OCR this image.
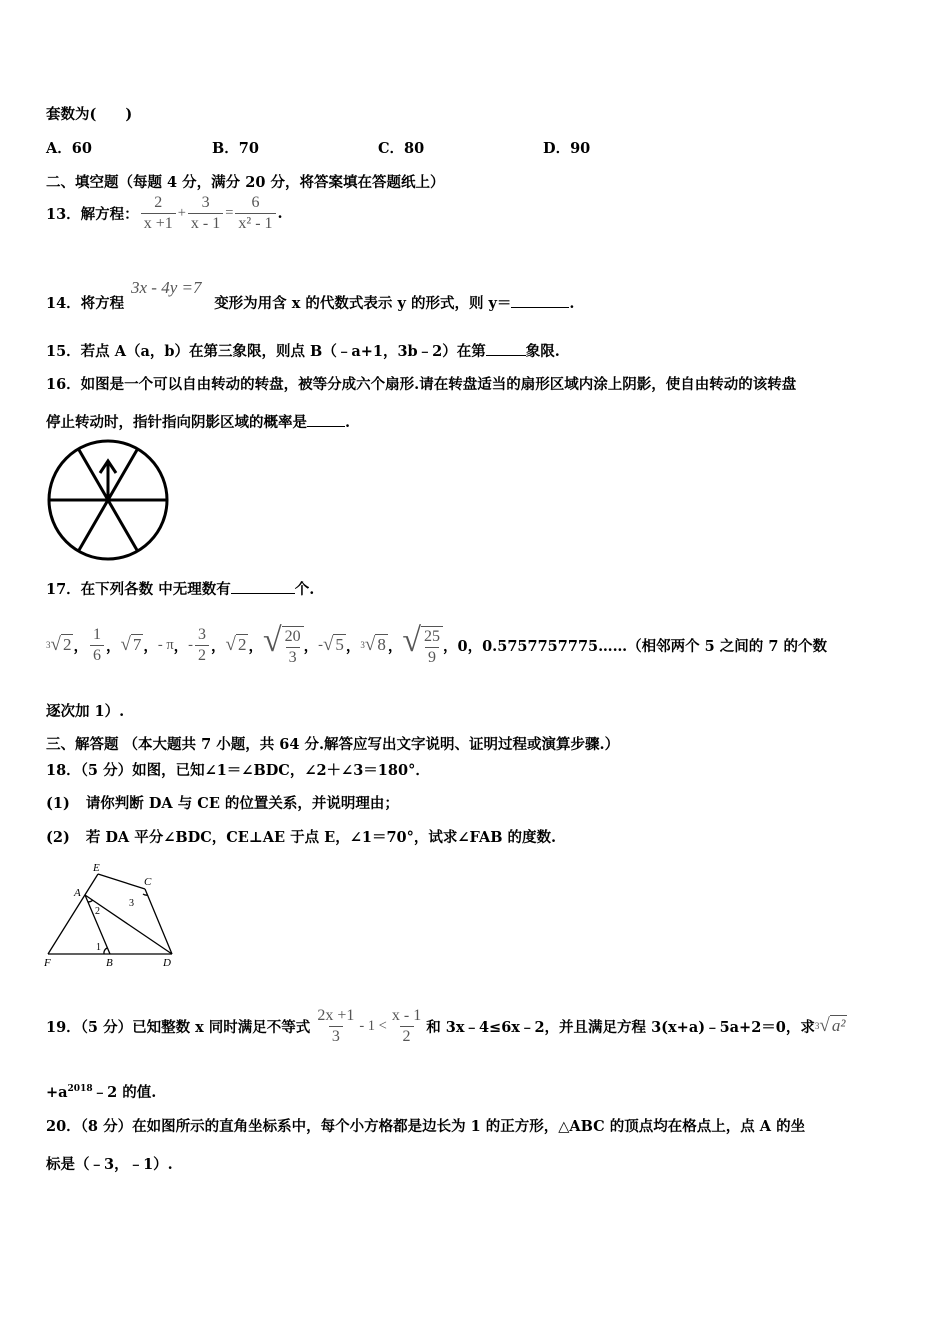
套数为(　　)
A．60	B．70	C．80	D．90
二、填空题（每题 4 分，满分 20 分，将答案填在答题纸上）
13．解方程： $\frac{2}{x +1} + \frac{3}{x - 1} = \frac{6}{\text{x² - 1}}$ .
3x - 4y =7
14．将方程	变形为用含 x 的代数式表示 y 的形式，则 y＝	.
15．若点 A（a，b）在第三象限，则点 B（﹣a+1，3b﹣2）在第	象限.
16．如图是一个可以自由转动的转盘，被等分成六个扇形.请在转盘适当的扇形区域内涂上阴影，使自由转动的该转盘
停止转动时，指针指向阴影区域的概率是	.
17．在下列各数 中无理数有	个.
$^3$√ 2 ， $\frac{1}{6}$ ， √ 7 ， - π ， - $\frac{3}{2}$ ， √ 2 ， √ $\frac{20}{3}$ ， - √ 5 ， $^3$√ 8 ， √ $\frac{25}{9}$ ，0，0.5757757775……（相邻两个 5 之间的 7 的个数
逐次加 1）.
三、解答题 （本大题共 7 小题，共 64 分.解答应写出文字说明、证明过程或演算步骤.）
18．（5 分）如图，已知∠1＝∠BDC，∠2＋∠3＝180°．
(1) 请你判断 DA 与 CE 的位置关系，并说明理由；
(2) 若 DA 平分∠BDC，CE⊥AE 于点 E，∠1＝70°，试求∠FAB 的度数.
E
A
C
2
3
1
F	B	D
19．（5 分）已知整数 x 同时满足不等式 $\frac{2x +1}{3} - 1 < \frac{x - 1}{2}$ 和 3x﹣4≤6x﹣2，并且满足方程 3(x+a)﹣5a+2＝0，求 $^3$√ a²
$+a^{2018}﹣2$ 的值.
20．（8 分）在如图所示的直角坐标系中，每个小方格都是边长为 1 的正方形，△ABC 的顶点均在格点上，点 A 的坐
标是（﹣3，﹣1）.
